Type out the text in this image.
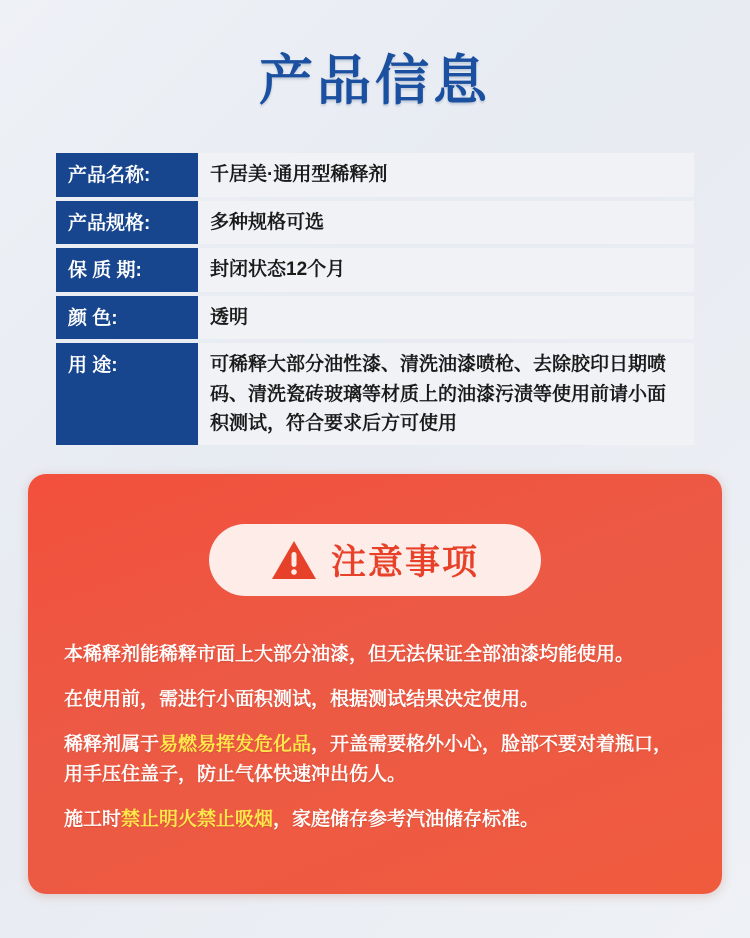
产品信息
产品名称:	千居美·通用型稀释剂
产品规格:	多种规格可选
保 质 期:	封闭状态12个月
颜 色:	透明
用 途:	可稀释大部分油性漆、清洗油漆喷枪、去除胶印日期喷码、清洗瓷砖玻璃等材质上的油漆污渍等使用前请小面积测试，符合要求后方可使用
注意事项

本稀释剂能稀释市面上大部分油漆，但无法保证全部油漆均能使用。

在使用前，需进行小面积测试，根据测试结果决定使用。

稀释剂属于易燃易挥发危化品，开盖需要格外小心，脸部不要对着瓶口，用手压住盖子，防止气体快速冲出伤人。

施工时禁止明火禁止吸烟，家庭储存参考汽油储存标准。
